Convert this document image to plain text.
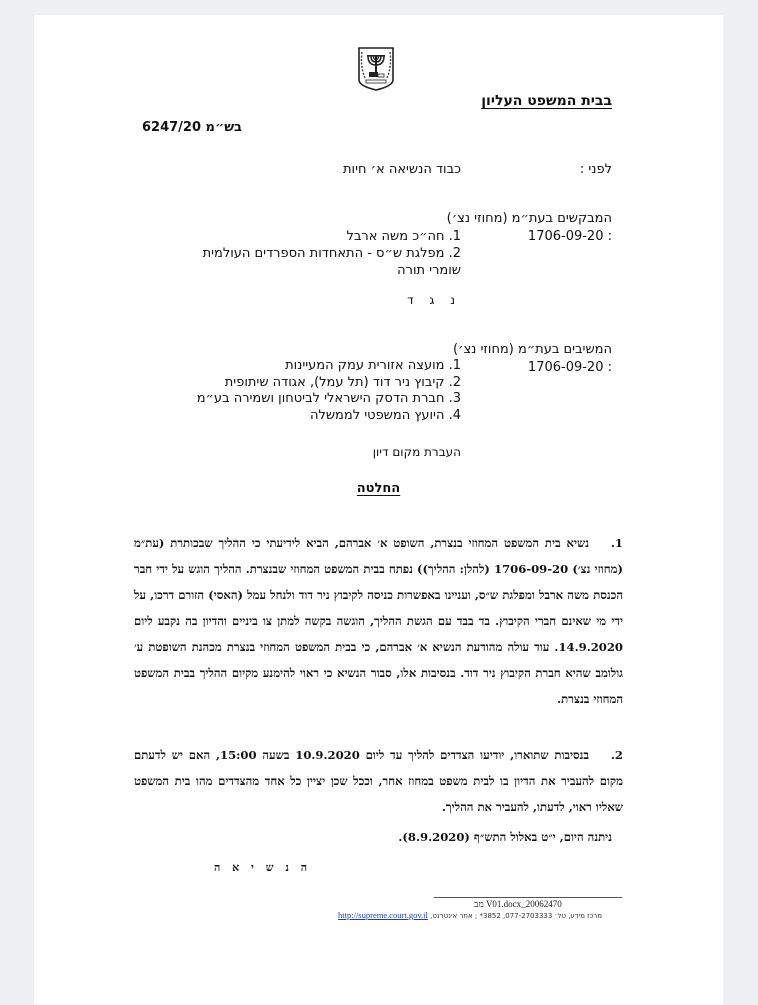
בבית המשפט העליון
בש״מ 6247/20
לפני :
כבוד הנשיאה א׳ חיות
המבקשים בעת״מ (מחוזי נצ׳)
: 1706-09-20
1. חה״כ משה ארבל
2. מפלגת ש״ס - התאחדות הספרדים העולמית
שומרי תורה
נ ג ד
המשיבים בעת״מ (מחוזי נצ׳)
: 1706-09-20
1. מועצה אזורית עמק המעיינות
2. קיבוץ ניר דוד (תל עמל), אגודה שיתופית
3. חברת הדסק הישראלי לביטחון ושמירה בע״מ
4. היועץ המשפטי לממשלה
העברת מקום דיון
החלטה
1.נשיא בית המשפט המחוזי בנצרת, השופט א׳ אברהם, הביא לידיעתי כי ההליך שבכותרת (עת״מ (מחוזי נצ׳) 1706-09-20 (להלן: ההליך)) נפתח בבית המשפט המחוזי שבנצרת. ההליך הוגש על ידי חבר הכנסת משה ארבל ומפלגת ש״ס, ועניינו באפשרות כניסה לקיבוץ ניר דוד ולנחל עמל (האסי) הזורם דרכו, על ידי מי שאינם חברי הקיבוץ. בד בבד עם הגשת ההליך, הוגשה בקשה למתן צו ביניים והדיון בה נקבע ליום 14.9.2020. עוד עולה מהודעת הנשיא א׳ אברהם, כי בבית המשפט המחוזי בנצרת מכהנת השופטת ע׳ גולומב שהיא חברת הקיבוץ ניר דוד. בנסיבות אלו, סבור הנשיא כי ראוי להימנע מקיום ההליך בבית המשפט המחוזי בנצרת.
2.בנסיבות שתוארו, יודיעו הצדדים להליך עד ליום 10.9.2020 בשעה 15:00, האם יש לדעתם מקום להעביר את הדיון בו לבית משפט במחוז אחר, וככל שכן יציין כל אחד מהצדדים מהו בית המשפט שאליו ראוי, לדעתו, להעביר את ההליך.
ניתנה היום, י״ט באלול התש״ף (8.9.2020).
ה נ ש י א ה
20062470_V01.docx מב
מרכז מידע, טל׳ 077-2703333, 3852* ; אתר אינטרנט, http://supreme.court.gov.il
